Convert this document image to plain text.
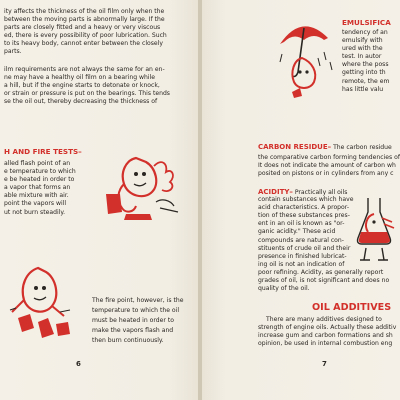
ity affects the thickness of the oil film only when the
between the moving parts is abnormally large. If the
parts are closely fitted and a heavy or very viscous
ed, there is every possibility of poor lubrication. Such
to its heavy body, cannot enter between the closely
parts.
ilm requirements are not always the same for an en-
ne may have a healthy oil film on a bearing while
a hill, but if the engine starts to detonate or knock,
or strain or pressure is put on the bearings. This tends
se the oil out, thereby decreasing the thickness of
H AND FIRE TESTS–
alled flash point of an
e temperature to which
e be heated in order to
a vapor that forms an
able mixture with air.
point the vapors will
ut not burn steadily.
The fire point, however, is the
temperature to which the oil
must be heated in order to
make the vapors flash and
then burn continuously.
6
EMULSIFICA
tendency of an
emulsify with
ured with the
test. In autor
where the poss
getting into th
remote, the em
has little valu
CARBON RESIDUE– The carbon residue
the comparative carbon forming tendencies of
It does not indicate the amount of carbon wh
posited on pistons or in cylinders from any c
ACIDITY– Practically all oils
contain substances which have
acid characteristics. A propor-
tion of these substances pres-
ent in an oil is known as "or-
ganic acidity." These acid
compounds are natural con-
stituents of crude oil and their
presence in finished lubricat-
ing oil is not an indication of
poor refining. Acidity, as generally report
grades of oil, is not significant and does no
quality of the oil.
OIL ADDITIVES
There are many additives designed to
strength of engine oils. Actually these additiv
increase gum and carbon formations and sh
opinion, be used in internal combustion eng
7
